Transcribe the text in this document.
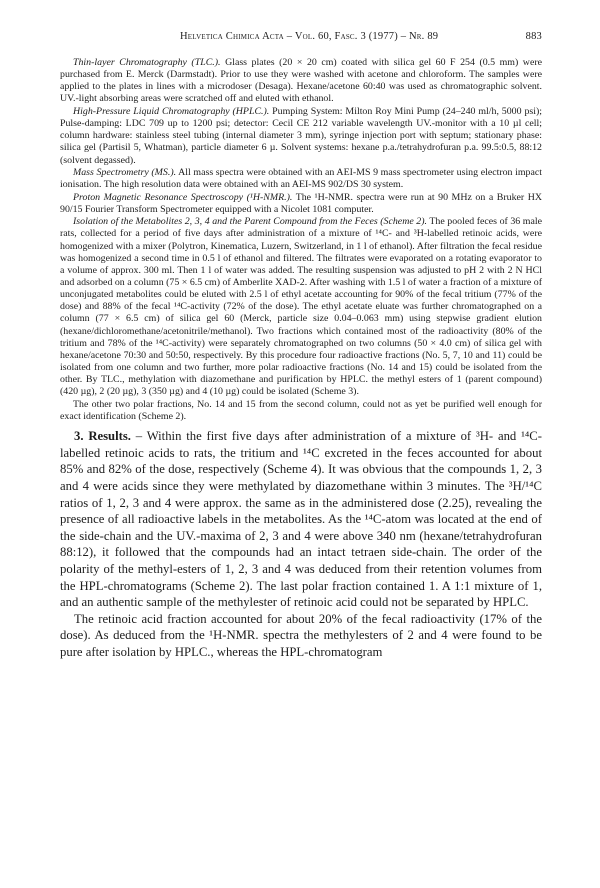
Helvetica Chimica Acta – Vol. 60, Fasc. 3 (1977) – Nr. 89	883

Thin-layer Chromatography (TLC.). Glass plates (20 × 20 cm) coated with silica gel 60 F 254 (0.5 mm) were purchased from E. Merck (Darmstadt). Prior to use they were washed with acetone and chloroform. The samples were applied to the plates in lines with a microdoser (Desaga). Hexane/acetone 60:40 was used as chromatographic solvent. UV.-light absorbing areas were scratched off and eluted with ethanol.

High-Pressure Liquid Chromatography (HPLC.). Pumping System: Milton Roy Mini Pump (24–240 ml/h, 5000 psi); Pulse-damping: LDC 709 up to 1200 psi; detector: Cecil CE 212 variable wavelength UV.-monitor with a 10 µl cell; column hardware: stainless steel tubing (internal diameter 3 mm), syringe injection port with septum; stationary phase: silica gel (Partisil 5, Whatman), particle diameter 6 µ. Solvent systems: hexane p.a./tetrahydrofuran p.a. 99.5:0.5, 88:12 (solvent degassed).

Mass Spectrometry (MS.). All mass spectra were obtained with an AEI-MS 9 mass spectrometer using electron impact ionisation. The high resolution data were obtained with an AEI-MS 902/DS 30 system.

Proton Magnetic Resonance Spectroscopy (¹H-NMR.). The ¹H-NMR. spectra were run at 90 MHz on a Bruker HX 90/15 Fourier Transform Spectrometer equipped with a Nicolet 1081 computer.

Isolation of the Metabolites 2, 3, 4 and the Parent Compound from the Feces (Scheme 2). The pooled feces of 36 male rats, collected for a period of five days after administration of a mixture of ¹⁴C- and ³H-labelled retinoic acids, were homogenized with a mixer (Polytron, Kinematica, Luzern, Switzerland, in 1 l of ethanol). After filtration the fecal residue was homogenized a second time in 0.5 l of ethanol and filtered. The filtrates were evaporated on a rotating evaporator to a volume of approx. 300 ml. Then 1 l of water was added. The resulting suspension was adjusted to pH 2 with 2 N HCl and adsorbed on a column (75 × 6.5 cm) of Amberlite XAD-2. After washing with 1.5 l of water a fraction of a mixture of unconjugated metabolites could be eluted with 2.5 l of ethyl acetate accounting for 90% of the fecal tritium (77% of the dose) and 88% of the fecal ¹⁴C-activity (72% of the dose). The ethyl acetate eluate was further chromatographed on a column (77 × 6.5 cm) of silica gel 60 (Merck, particle size 0.04–0.063 mm) using stepwise gradient elution (hexane/dichloromethane/acetonitrile/methanol). Two fractions which contained most of the radioactivity (80% of the tritium and 78% of the ¹⁴C-activity) were separately chromatographed on two columns (50 × 4.0 cm) of silica gel with hexane/acetone 70:30 and 50:50, respectively. By this procedure four radioactive fractions (No. 5, 7, 10 and 11) could be isolated from one column and two further, more polar radioactive fractions (No. 14 and 15) could be isolated from the other. By TLC., methylation with diazomethane and purification by HPLC. the methyl esters of 1 (parent compound) (420 µg), 2 (20 µg), 3 (350 µg) and 4 (10 µg) could be isolated (Scheme 3).

The other two polar fractions, No. 14 and 15 from the second column, could not as yet be purified well enough for exact identification (Scheme 2).

3. Results. – Within the first five days after administration of a mixture of ³H- and ¹⁴C-labelled retinoic acids to rats, the tritium and ¹⁴C excreted in the feces accounted for about 85% and 82% of the dose, respectively (Scheme 4). It was obvious that the compounds 1, 2, 3 and 4 were acids since they were methylated by diazomethane within 3 minutes. The ³H/¹⁴C ratios of 1, 2, 3 and 4 were approx. the same as in the administered dose (2.25), revealing the presence of all radioactive labels in the metabolites. As the ¹⁴C-atom was located at the end of the side-chain and the UV.-maxima of 2, 3 and 4 were above 340 nm (hexane/tetrahydrofuran 88:12), it followed that the compounds had an intact tetraen side-chain. The order of the polarity of the methyl-esters of 1, 2, 3 and 4 was deduced from their retention volumes from the HPL-chromatograms (Scheme 2). The last polar fraction contained 1. A 1:1 mixture of 1, and an authentic sample of the methylester of retinoic acid could not be separated by HPLC.

The retinoic acid fraction accounted for about 20% of the fecal radioactivity (17% of the dose). As deduced from the ¹H-NMR. spectra the methylesters of 2 and 4 were found to be pure after isolation by HPLC., whereas the HPL-chromatogram
